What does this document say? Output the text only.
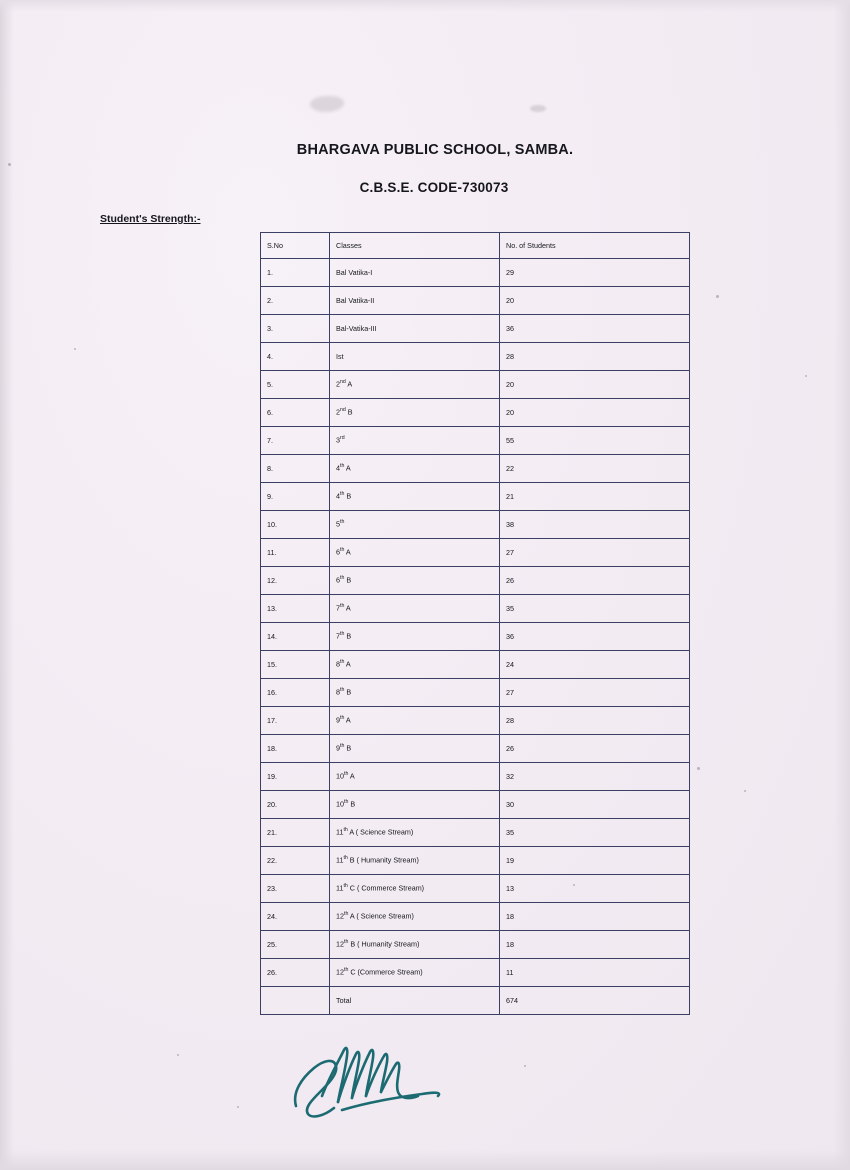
BHARGAVA PUBLIC SCHOOL, SAMBA.
C.B.S.E. CODE-730073
Student's Strength:-
S.No	Classes	No. of Students
1.	Bal Vatika-I	29
2.	Bal Vatika-II	20
3.	Bal-Vatika-III	36
4.	Ist	28
5.	2nd A	20
6.	2nd B	20
7.	3rd	55
8.	4th A	22
9.	4th B	21
10.	5th	38
11.	6th A	27
12.	6th B	26
13.	7th A	35
14.	7th B	36
15.	8th A	24
16.	8th B	27
17.	9th A	28
18.	9th B	26
19.	10th A	32
20.	10th B	30
21.	11th A ( Science Stream)	35
22.	11th B ( Humanity Stream)	19
23.	11th C ( Commerce Stream)	13
24.	12th A ( Science Stream)	18
25.	12th B ( Humanity Stream)	18
26.	12th C (Commerce Stream)	11
	Total	674
